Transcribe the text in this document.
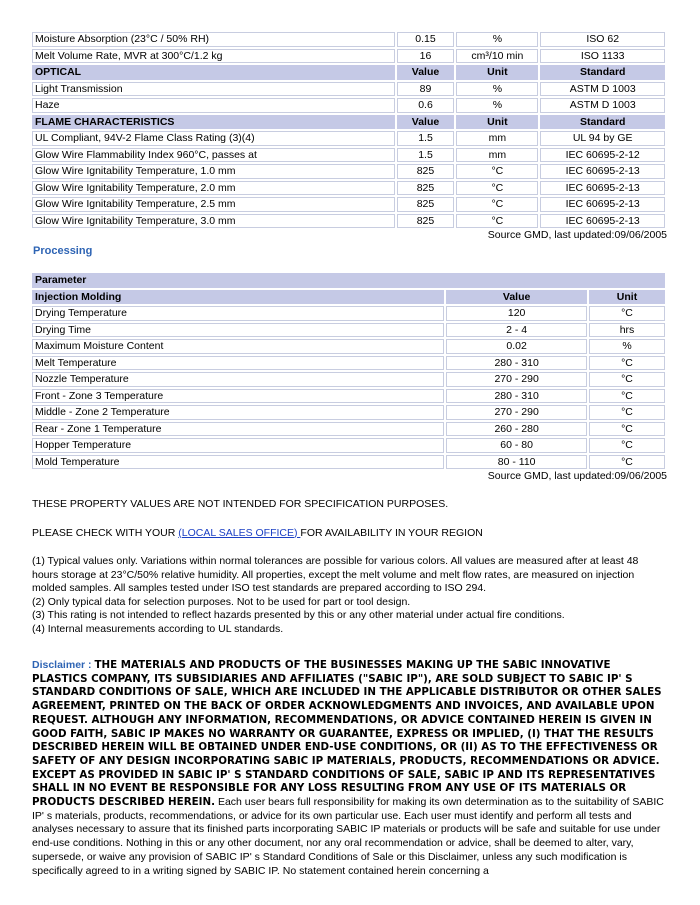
Moisture Absorption (23°C / 50% RH)	0.15	%	ISO 62
Melt Volume Rate, MVR at 300°C/1.2 kg	16	cm³/10 min	ISO 1133
OPTICAL	Value	Unit	Standard
Light Transmission	89	%	ASTM D 1003
Haze	0.6	%	ASTM D 1003
FLAME CHARACTERISTICS	Value	Unit	Standard
UL Compliant, 94V-2 Flame Class Rating (3)(4)	1.5	mm	UL 94 by GE
Glow Wire Flammability Index 960°C, passes at	1.5	mm	IEC 60695-2-12
Glow Wire Ignitability Temperature, 1.0 mm	825	°C	IEC 60695-2-13
Glow Wire Ignitability Temperature, 2.0 mm	825	°C	IEC 60695-2-13
Glow Wire Ignitability Temperature, 2.5 mm	825	°C	IEC 60695-2-13
Glow Wire Ignitability Temperature, 3.0 mm	825	°C	IEC 60695-2-13
Source GMD, last updated:09/06/2005
Processing
Parameter		
Injection Molding	Value	Unit
Drying Temperature	120	°C
Drying Time	2 - 4	hrs
Maximum Moisture Content	0.02	%
Melt Temperature	280 - 310	°C
Nozzle Temperature	270 - 290	°C
Front - Zone 3 Temperature	280 - 310	°C
Middle - Zone 2 Temperature	270 - 290	°C
Rear - Zone 1 Temperature	260 - 280	°C
Hopper Temperature	60 - 80	°C
Mold Temperature	80 - 110	°C
Source GMD, last updated:09/06/2005
THESE PROPERTY VALUES ARE NOT INTENDED FOR SPECIFICATION PURPOSES.
PLEASE CHECK WITH YOUR (LOCAL SALES OFFICE) FOR AVAILABILITY IN YOUR REGION
(1) Typical values only. Variations within normal tolerances are possible for various colors. All values are measured after at least 48 hours storage at 23°C/50% relative humidity. All properties, except the melt volume and melt flow rates, are measured on injection molded samples. All samples tested under ISO test standards are prepared according to ISO 294.
(2) Only typical data for selection purposes. Not to be used for part or tool design.
(3) This rating is not intended to reflect hazards presented by this or any other material under actual fire conditions.
(4) Internal measurements according to UL standards.
Disclaimer : THE MATERIALS AND PRODUCTS OF THE BUSINESSES MAKING UP THE SABIC INNOVATIVE PLASTICS COMPANY, ITS SUBSIDIARIES AND AFFILIATES ("SABIC IP"), ARE SOLD SUBJECT TO SABIC IP' S STANDARD CONDITIONS OF SALE, WHICH ARE INCLUDED IN THE APPLICABLE DISTRIBUTOR OR OTHER SALES AGREEMENT, PRINTED ON THE BACK OF ORDER ACKNOWLEDGMENTS AND INVOICES, AND AVAILABLE UPON REQUEST. ALTHOUGH ANY INFORMATION, RECOMMENDATIONS, OR ADVICE CONTAINED HEREIN IS GIVEN IN GOOD FAITH, SABIC IP MAKES NO WARRANTY OR GUARANTEE, EXPRESS OR IMPLIED, (I) THAT THE RESULTS DESCRIBED HEREIN WILL BE OBTAINED UNDER END-USE CONDITIONS, OR (II) AS TO THE EFFECTIVENESS OR SAFETY OF ANY DESIGN INCORPORATING SABIC IP MATERIALS, PRODUCTS, RECOMMENDATIONS OR ADVICE. EXCEPT AS PROVIDED IN SABIC IP' S STANDARD CONDITIONS OF SALE, SABIC IP AND ITS REPRESENTATIVES SHALL IN NO EVENT BE RESPONSIBLE FOR ANY LOSS RESULTING FROM ANY USE OF ITS MATERIALS OR PRODUCTS DESCRIBED HEREIN. Each user bears full responsibility for making its own determination as to the suitability of SABIC IP' s materials, products, recommendations, or advice for its own particular use. Each user must identify and perform all tests and analyses necessary to assure that its finished parts incorporating SABIC IP materials or products will be safe and suitable for use under end-use conditions. Nothing in this or any other document, nor any oral recommendation or advice, shall be deemed to alter, vary, supersede, or waive any provision of SABIC IP' s Standard Conditions of Sale or this Disclaimer, unless any such modification is specifically agreed to in a writing signed by SABIC IP. No statement contained herein concerning a
